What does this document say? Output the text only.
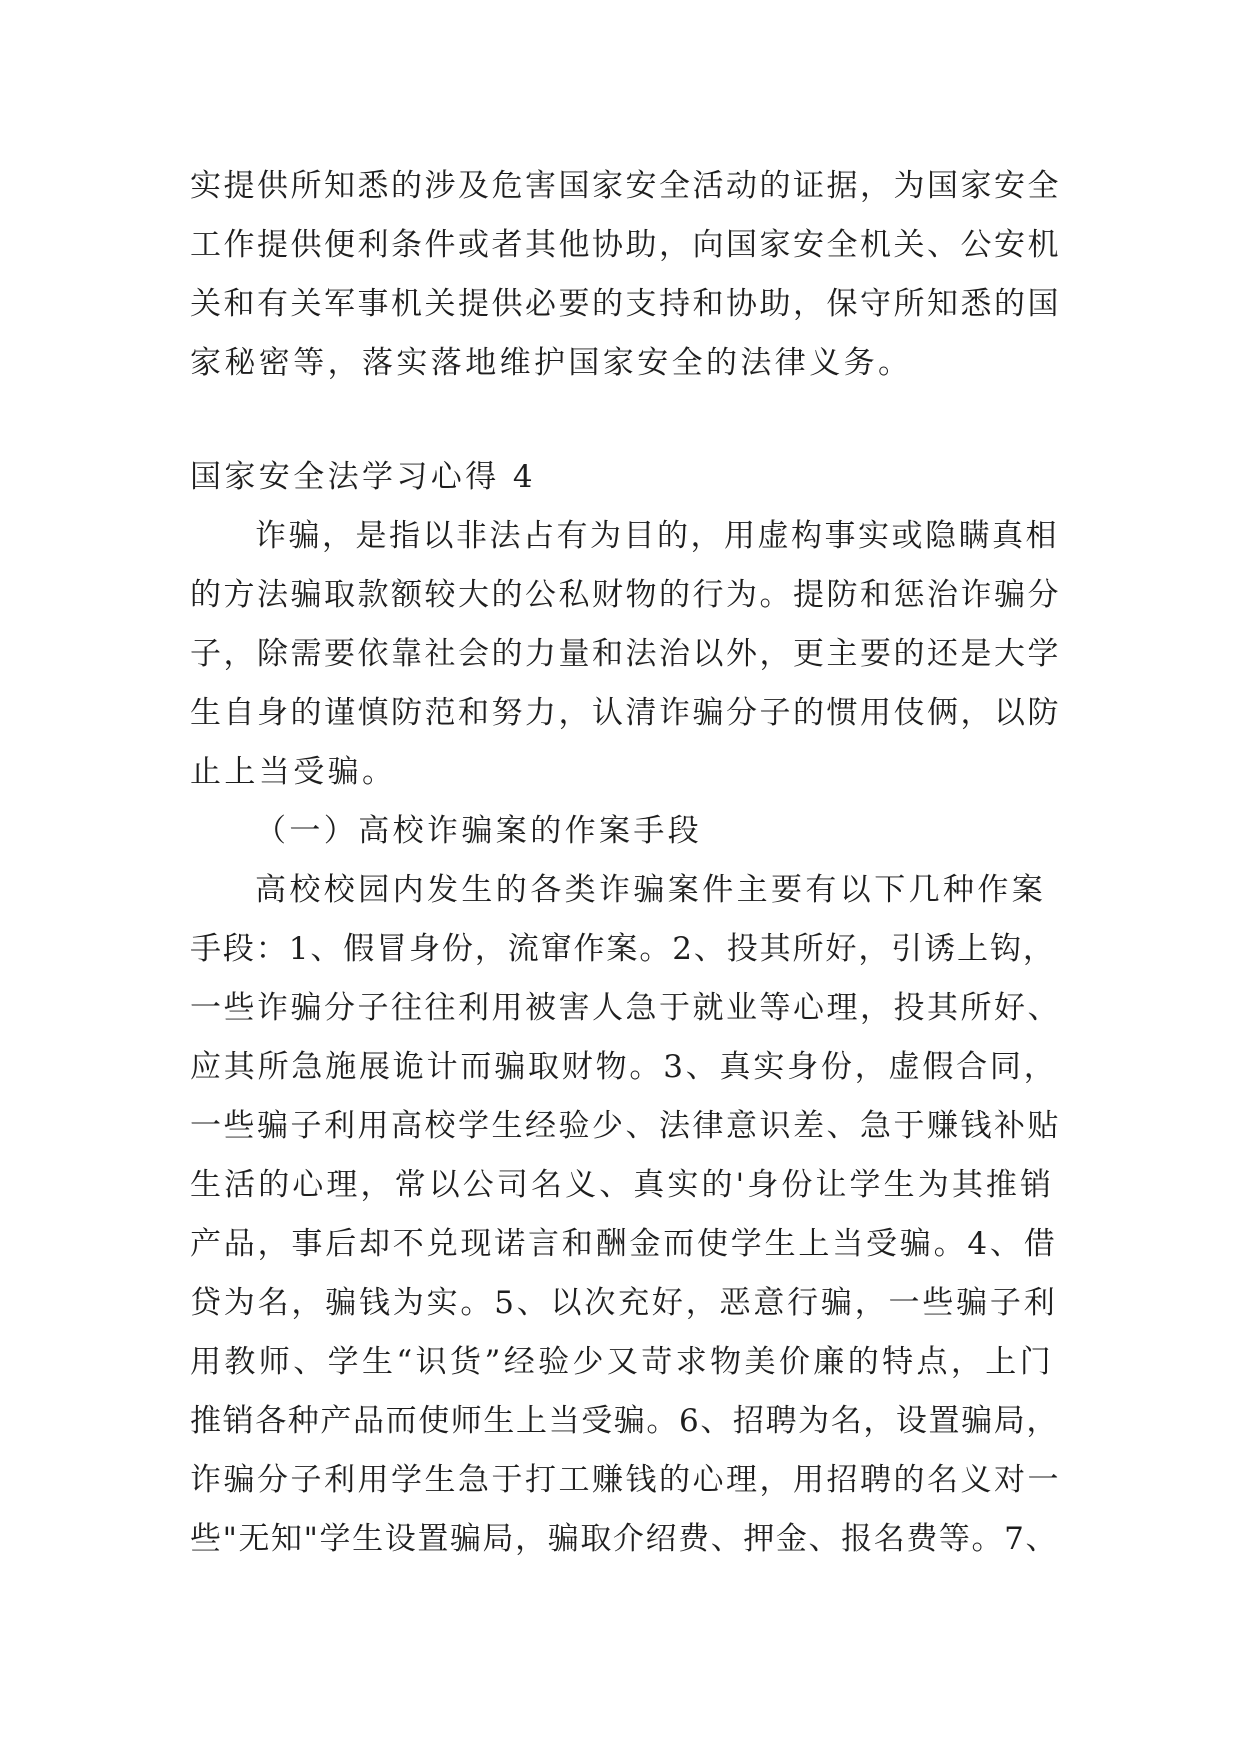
实提供所知悉的涉及危害国家安全活动的证据，为国家安全
工作提供便利条件或者其他协助，向国家安全机关、公安机
关和有关军事机关提供必要的支持和协助，保守所知悉的国
家秘密等，落实落地维护国家安全的法律义务。
国家安全法学习心得 4
诈骗，是指以非法占有为目的，用虚构事实或隐瞒真相
的方法骗取款额较大的公私财物的行为。提防和惩治诈骗分
子，除需要依靠社会的力量和法治以外，更主要的还是大学
生自身的谨慎防范和努力，认清诈骗分子的惯用伎俩，以防
止上当受骗。
（一）高校诈骗案的作案手段
高校校园内发生的各类诈骗案件主要有以下几种作案
手段：1、假冒身份，流窜作案。2、投其所好，引诱上钩，
一些诈骗分子往往利用被害人急于就业等心理，投其所好、
应其所急施展诡计而骗取财物。3、真实身份，虚假合同，
一些骗子利用高校学生经验少、法律意识差、急于赚钱补贴
生活的心理，常以公司名义、真实的'身份让学生为其推销
产品，事后却不兑现诺言和酬金而使学生上当受骗。4、借
贷为名，骗钱为实。5、以次充好，恶意行骗，一些骗子利
用教师、学生“识货”经验少又苛求物美价廉的特点，上门
推销各种产品而使师生上当受骗。6、招聘为名，设置骗局，
诈骗分子利用学生急于打工赚钱的心理，用招聘的名义对一
些"无知"学生设置骗局，骗取介绍费、押金、报名费等。7、
